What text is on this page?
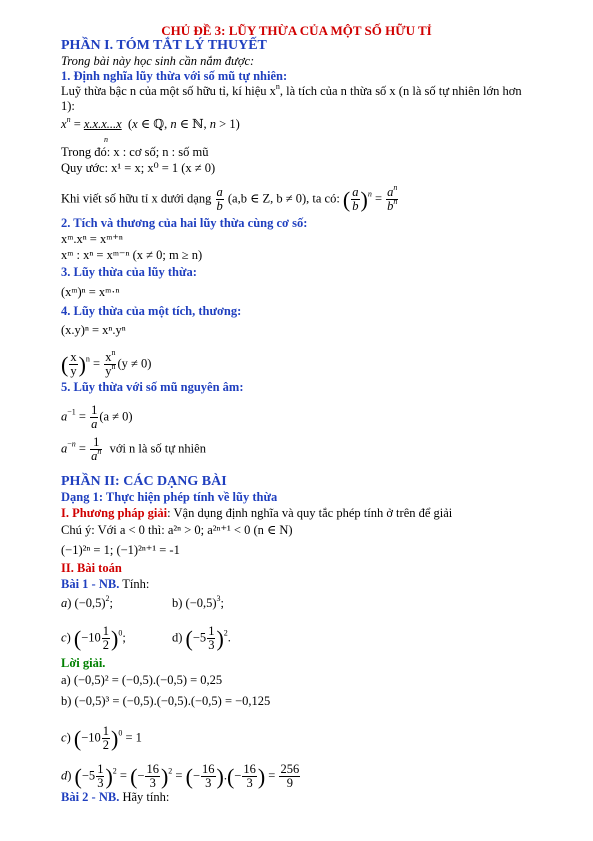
CHỦ ĐỀ 3: LŨY THỪA CỦA MỘT SỐ HỮU TỈ
PHẦN I. TÓM TẮT LÝ THUYẾT
Trong bài này học sinh cần nắm được:
1. Định nghĩa lũy thừa với số mũ tự nhiên:
Luỹ thừa bậc n của một số hữu tỉ, kí hiệu $x^n$, là tích của n thừa số x (n là số tự nhiên lớn hơn
1):
$x^n = x.x.x...x$  (x ∈ ℚ, n ∈ ℕ, n > 1)
n
Trong đó: x : cơ số; n : số mũ
Quy ước: x¹ = x; x⁰ = 1 (x ≠ 0)
Khi viết số hữu tỉ x dưới dạng $\frac{a}{b} (a,b$ ∈ Z, b ≠ 0), ta có: ( $\frac{a}{b} )^n = \frac{a^n}{b^n}$
2. Tích và thương của hai lũy thừa cùng cơ số:
xᵐ.xⁿ = xᵐ⁺ⁿ
xᵐ : xⁿ = xᵐ⁻ⁿ (x ≠ 0; m ≥ n)
3. Lũy thừa của lũy thừa:
(xᵐ)ⁿ = xᵐ·ⁿ
4. Lũy thừa của một tích, thương:
(x.y)ⁿ = xⁿ.yⁿ
( $\frac{x}{y} )^n = \frac{x^n}{y^n} (y \ne 0)$
5. Lũy thừa với số mũ nguyên âm:
$a^{-1} = \frac{1}{a} (a \ne 0)$
$a^{-n} = \frac{1}{a^n}$ với n là số tự nhiên
PHẦN II: CÁC DẠNG BÀI
Dạng 1: Thực hiện phép tính về lũy thừa
I. Phương pháp giải: Vận dụng định nghĩa và quy tắc phép tính ở trên để giải
Chú ý: Với a < 0 thì: a²ⁿ > 0; a²ⁿ⁺¹ < 0 (n ∈ N)
(−1)²ⁿ = 1; (−1)²ⁿ⁺¹ = -1
II. Bài toán
Bài 1 - NB. Tính:
a) $(-0,5)^2$;	b) $(-0,5)^3$;
c) $(-10 \frac{1}{2} )^0$;	d) $(-5 \frac{1}{3} )^2$.
Lời giải.
a) (−0,5)² = (−0,5).(−0,5) = 0,25
b) (−0,5)³ = (−0,5).(−0,5).(−0,5) = −0,125
c) $(-10 \frac{1}{2} )^0 = 1$
d) $(-5 \frac{1}{3} )^2$ = (− $\frac{16}{3} )^2$ = (− $\frac{16}{3}$ ).(− $\frac{16}{3}$ ) = $\frac{256}{9}$
Bài 2 - NB. Hãy tính:
